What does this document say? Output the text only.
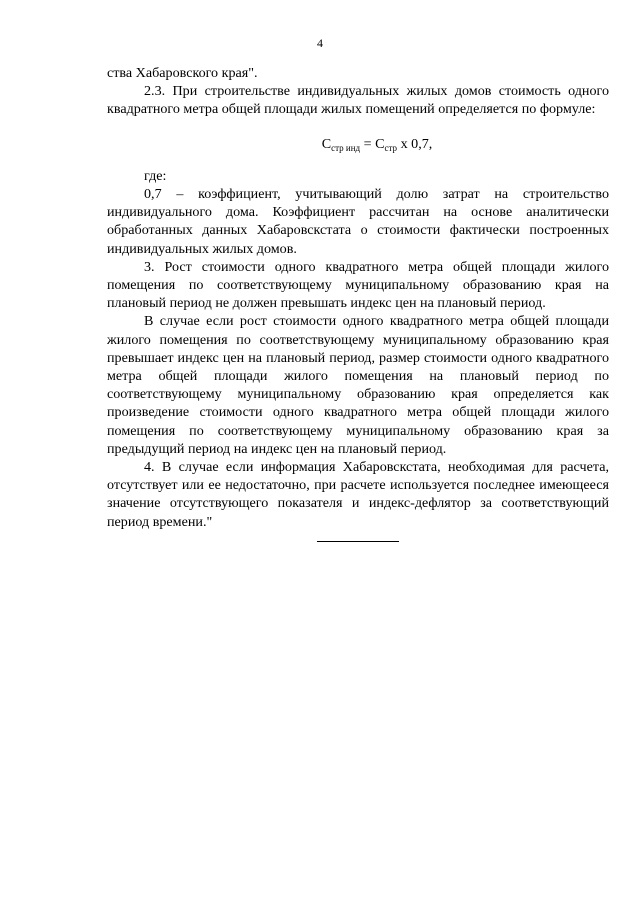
4

ства Хабаровского края".

2.3. При строительстве индивидуальных жилых домов стоимость одного квадратного метра общей площади жилых помещений определяется по формуле:

$С_{стр инд} = С_{стр}$ х 0,7,

где:

0,7 – коэффициент, учитывающий долю затрат на строительство индивидуального дома. Коэффициент рассчитан на основе аналитически обработанных данных Хабаровскстата о стоимости фактически построенных индивидуальных жилых домов.

3. Рост стоимости одного квадратного метра общей площади жилого помещения по соответствующему муниципальному образованию края на плановый период не должен превышать индекс цен на плановый период.

В случае если рост стоимости одного квадратного метра общей площади жилого помещения по соответствующему муниципальному образованию края превышает индекс цен на плановый период, размер стоимости одного квадратного метра общей площади жилого помещения на плановый период по соответствующему муниципальному образованию края определяется как произведение стоимости одного квадратного метра общей площади жилого помещения по соответствующему муниципальному образованию края за предыдущий период на индекс цен на плановый период.

4. В случае если информация Хабаровскстата, необходимая для расчета, отсутствует или ее недостаточно, при расчете используется последнее имеющееся значение отсутствующего показателя и индекс-дефлятор за соответствующий период времени."
